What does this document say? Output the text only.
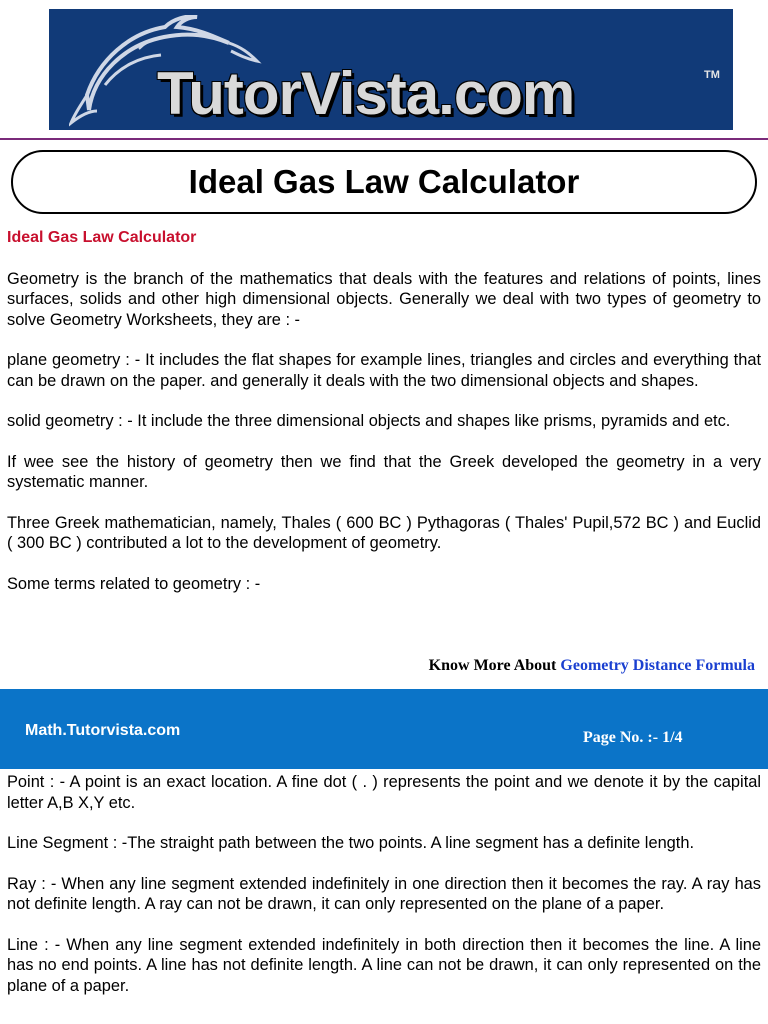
TutorVista.com	TM
Ideal Gas Law Calculator

Ideal Gas Law Calculator

Geometry is the branch of the mathematics that deals with the features and relations of points, lines surfaces, solids and other high dimensional objects. Generally we deal with two types of geometry to solve Geometry Worksheets, they are : -

plane geometry : - It includes the flat shapes for example lines, triangles and circles and everything that can be drawn on the paper. and generally it deals with the two dimensional objects and shapes.

solid geometry : - It include the three dimensional objects and shapes like prisms, pyramids and etc.

If wee see the history of geometry then we find that the Greek developed the geometry in a very systematic manner.

Three Greek mathematician, namely, Thales ( 600 BC ) Pythagoras ( Thales' Pupil,572 BC ) and Euclid ( 300 BC ) contributed a lot to the development of geometry.

Some terms related to geometry : -

Know More About Geometry Distance Formula
Math.Tutorvista.com	Page No. :- 1/4

Point : - A point is an exact location. A fine dot ( . ) represents the point and we denote it by the capital letter A,B X,Y etc.

Line Segment : -The straight path between the two points. A line segment has a definite length.

Ray : - When any line segment extended indefinitely in one direction then it becomes the ray. A ray has not definite length. A ray can not be drawn, it can only represented on the plane of a paper.

Line : - When any line segment extended indefinitely in both direction then it becomes the line. A line has no end points. A line has not definite length. A line can not be drawn, it can only represented on the plane of a paper.
